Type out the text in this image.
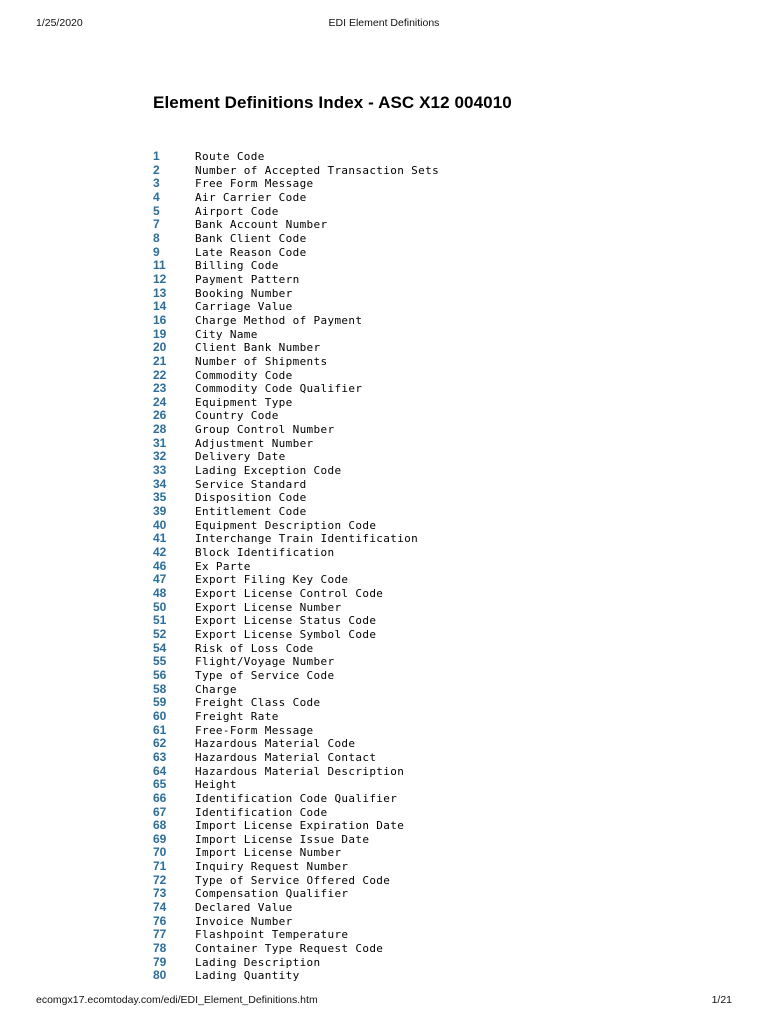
1/25/2020	EDI Element Definitions
Element Definitions Index - ASC X12 004010
1	Route Code
2	Number of Accepted Transaction Sets
3	Free Form Message
4	Air Carrier Code
5	Airport Code
7	Bank Account Number
8	Bank Client Code
9	Late Reason Code
11	Billing Code
12	Payment Pattern
13	Booking Number
14	Carriage Value
16	Charge Method of Payment
19	City Name
20	Client Bank Number
21	Number of Shipments
22	Commodity Code
23	Commodity Code Qualifier
24	Equipment Type
26	Country Code
28	Group Control Number
31	Adjustment Number
32	Delivery Date
33	Lading Exception Code
34	Service Standard
35	Disposition Code
39	Entitlement Code
40	Equipment Description Code
41	Interchange Train Identification
42	Block Identification
46	Ex Parte
47	Export Filing Key Code
48	Export License Control Code
50	Export License Number
51	Export License Status Code
52	Export License Symbol Code
54	Risk of Loss Code
55	Flight/Voyage Number
56	Type of Service Code
58	Charge
59	Freight Class Code
60	Freight Rate
61	Free-Form Message
62	Hazardous Material Code
63	Hazardous Material Contact
64	Hazardous Material Description
65	Height
66	Identification Code Qualifier
67	Identification Code
68	Import License Expiration Date
69	Import License Issue Date
70	Import License Number
71	Inquiry Request Number
72	Type of Service Offered Code
73	Compensation Qualifier
74	Declared Value
76	Invoice Number
77	Flashpoint Temperature
78	Container Type Request Code
79	Lading Description
80	Lading Quantity
ecomgx17.ecomtoday.com/edi/EDI_Element_Definitions.htm	1/21
